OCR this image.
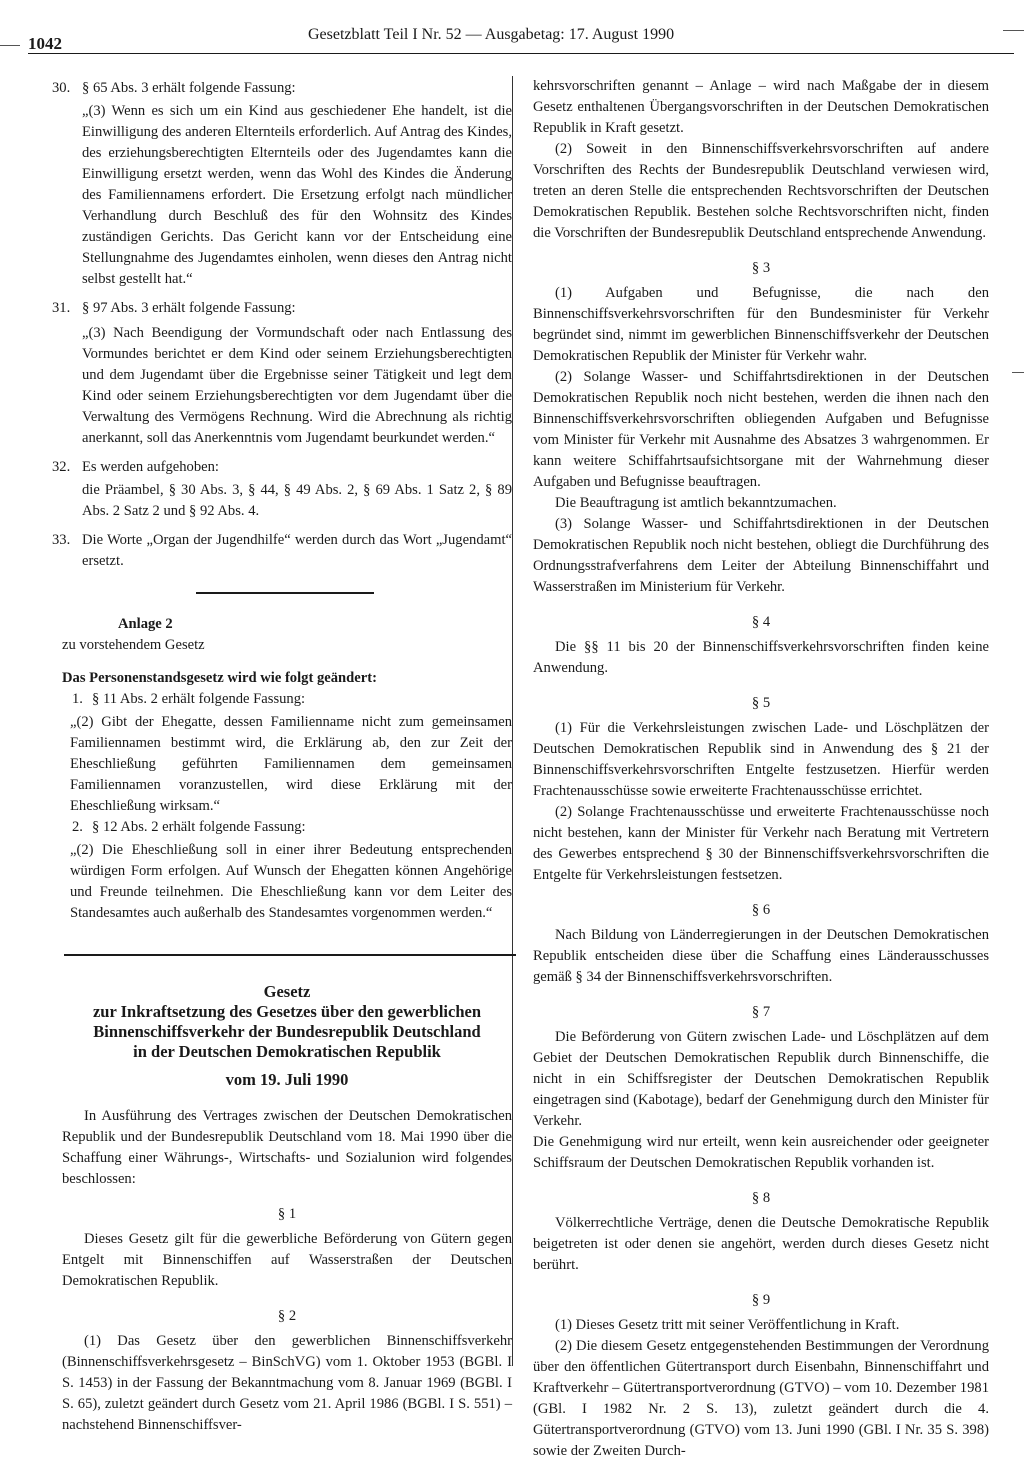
1042	Gesetzblatt Teil I Nr. 52 — Ausgabetag: 17. August 1990
30. § 65 Abs. 3 erhält folgende Fassung:

„(3) Wenn es sich um ein Kind aus geschiedener Ehe handelt, ist die Einwilligung des anderen Elternteils erforderlich. Auf Antrag des Kindes, des erziehungsberechtigten Elternteils oder des Jugendamtes kann die Einwilligung ersetzt werden, wenn das Wohl des Kindes die Änderung des Familiennamens erfordert. Die Ersetzung erfolgt nach mündlicher Verhandlung durch Beschluß des für den Wohnsitz des Kindes zuständigen Gerichts. Das Gericht kann vor der Entscheidung eine Stellungnahme des Jugendamtes einholen, wenn dieses den Antrag nicht selbst gestellt hat.“

31. § 97 Abs. 3 erhält folgende Fassung:

„(3) Nach Beendigung der Vormundschaft oder nach Entlassung des Vormundes berichtet er dem Kind oder seinem Erziehungsberechtigten und dem Jugendamt über die Ergebnisse seiner Tätigkeit und legt dem Kind oder seinem Erziehungsberechtigten vor dem Jugendamt über die Verwaltung des Vermögens Rechnung. Wird die Abrechnung als richtig anerkannt, soll das Anerkenntnis vom Jugendamt beurkundet werden.“

32. Es werden aufgehoben:

die Präambel, § 30 Abs. 3, § 44, § 49 Abs. 2, § 69 Abs. 1 Satz 2, § 89 Abs. 2 Satz 2 und § 92 Abs. 4.

33. Die Worte „Organ der Jugendhilfe“ werden durch das Wort „Jugendamt“ ersetzt.

Anlage 2

zu vorstehendem Gesetz

Das Personenstandsgesetz wird wie folgt geändert:

1. § 11 Abs. 2 erhält folgende Fassung:

„(2) Gibt der Ehegatte, dessen Familienname nicht zum gemeinsamen Familiennamen bestimmt wird, die Erklärung ab, den zur Zeit der Eheschließung geführten Familiennamen dem gemeinsamen Familiennamen voranzustellen, wird diese Erklärung mit der Eheschließung wirksam.“

2. § 12 Abs. 2 erhält folgende Fassung:

„(2) Die Eheschließung soll in einer ihrer Bedeutung entsprechenden würdigen Form erfolgen. Auf Wunsch der Ehegatten können Angehörige und Freunde teilnehmen. Die Eheschließung kann vor dem Leiter des Standesamtes auch außerhalb des Standesamtes vorgenommen werden.“

Gesetz
zur Inkraftsetzung des Gesetzes über den gewerblichen
Binnenschiffsverkehr der Bundesrepublik Deutschland
in der Deutschen Demokratischen Republik
vom 19. Juli 1990

In Ausführung des Vertrages zwischen der Deutschen Demokratischen Republik und der Bundesrepublik Deutschland vom 18. Mai 1990 über die Schaffung einer Währungs-, Wirtschafts- und Sozialunion wird folgendes beschlossen:

§ 1

Dieses Gesetz gilt für die gewerbliche Beförderung von Gütern gegen Entgelt mit Binnenschiffen auf Wasserstraßen der Deutschen Demokratischen Republik.

§ 2

(1) Das Gesetz über den gewerblichen Binnenschiffsverkehr (Binnenschiffsverkehrsgesetz – BinSchVG) vom 1. Oktober 1953 (BGBl. I S. 1453) in der Fassung der Bekanntmachung vom 8. Januar 1969 (BGBl. I S. 65), zuletzt geändert durch Gesetz vom 21. April 1986 (BGBl. I S. 551) – nachstehend Binnenschiffsver-

kehrsvorschriften genannt – Anlage – wird nach Maßgabe der in diesem Gesetz enthaltenen Übergangsvorschriften in der Deutschen Demokratischen Republik in Kraft gesetzt.

(2) Soweit in den Binnenschiffsverkehrsvorschriften auf andere Vorschriften des Rechts der Bundesrepublik Deutschland verwiesen wird, treten an deren Stelle die entsprechenden Rechtsvorschriften der Deutschen Demokratischen Republik. Bestehen solche Rechtsvorschriften nicht, finden die Vorschriften der Bundesrepublik Deutschland entsprechende Anwendung.

§ 3

(1) Aufgaben und Befugnisse, die nach den Binnenschiffsverkehrsvorschriften für den Bundesminister für Verkehr begründet sind, nimmt im gewerblichen Binnenschiffsverkehr der Deutschen Demokratischen Republik der Minister für Verkehr wahr.

(2) Solange Wasser- und Schiffahrtsdirektionen in der Deutschen Demokratischen Republik noch nicht bestehen, werden die ihnen nach den Binnenschiffsverkehrsvorschriften obliegenden Aufgaben und Befugnisse vom Minister für Verkehr mit Ausnahme des Absatzes 3 wahrgenommen. Er kann weitere Schiffahrtsaufsichtsorgane mit der Wahrnehmung dieser Aufgaben und Befugnisse beauftragen.

Die Beauftragung ist amtlich bekanntzumachen.

(3) Solange Wasser- und Schiffahrtsdirektionen in der Deutschen Demokratischen Republik noch nicht bestehen, obliegt die Durchführung des Ordnungsstrafverfahrens dem Leiter der Abteilung Binnenschiffahrt und Wasserstraßen im Ministerium für Verkehr.

§ 4

Die §§ 11 bis 20 der Binnenschiffsverkehrsvorschriften finden keine Anwendung.

§ 5

(1) Für die Verkehrsleistungen zwischen Lade- und Löschplätzen der Deutschen Demokratischen Republik sind in Anwendung des § 21 der Binnenschiffsverkehrsvorschriften Entgelte festzusetzen. Hierfür werden Frachtenausschüsse sowie erweiterte Frachtenausschüsse errichtet.

(2) Solange Frachtenausschüsse und erweiterte Frachtenausschüsse noch nicht bestehen, kann der Minister für Verkehr nach Beratung mit Vertretern des Gewerbes entsprechend § 30 der Binnenschiffsverkehrsvorschriften die Entgelte für Verkehrsleistungen festsetzen.

§ 6

Nach Bildung von Länderregierungen in der Deutschen Demokratischen Republik entscheiden diese über die Schaffung eines Länderausschusses gemäß § 34 der Binnenschiffsverkehrsvorschriften.

§ 7

Die Beförderung von Gütern zwischen Lade- und Löschplätzen auf dem Gebiet der Deutschen Demokratischen Republik durch Binnenschiffe, die nicht in ein Schiffsregister der Deutschen Demokratischen Republik eingetragen sind (Kabotage), bedarf der Genehmigung durch den Minister für Verkehr.

Die Genehmigung wird nur erteilt, wenn kein ausreichender oder geeigneter Schiffsraum der Deutschen Demokratischen Republik vorhanden ist.

§ 8

Völkerrechtliche Verträge, denen die Deutsche Demokratische Republik beigetreten ist oder denen sie angehört, werden durch dieses Gesetz nicht berührt.

§ 9

(1) Dieses Gesetz tritt mit seiner Veröffentlichung in Kraft.

(2) Die diesem Gesetz entgegenstehenden Bestimmungen der Verordnung über den öffentlichen Gütertransport durch Eisenbahn, Binnenschiffahrt und Kraftverkehr – Gütertransportverordnung (GTVO) – vom 10. Dezember 1981 (GBl. I 1982 Nr. 2 S. 13), zuletzt geändert durch die 4. Gütertransportverordnung (GTVO) vom 13. Juni 1990 (GBl. I Nr. 35 S. 398) sowie der Zweiten Durch-
